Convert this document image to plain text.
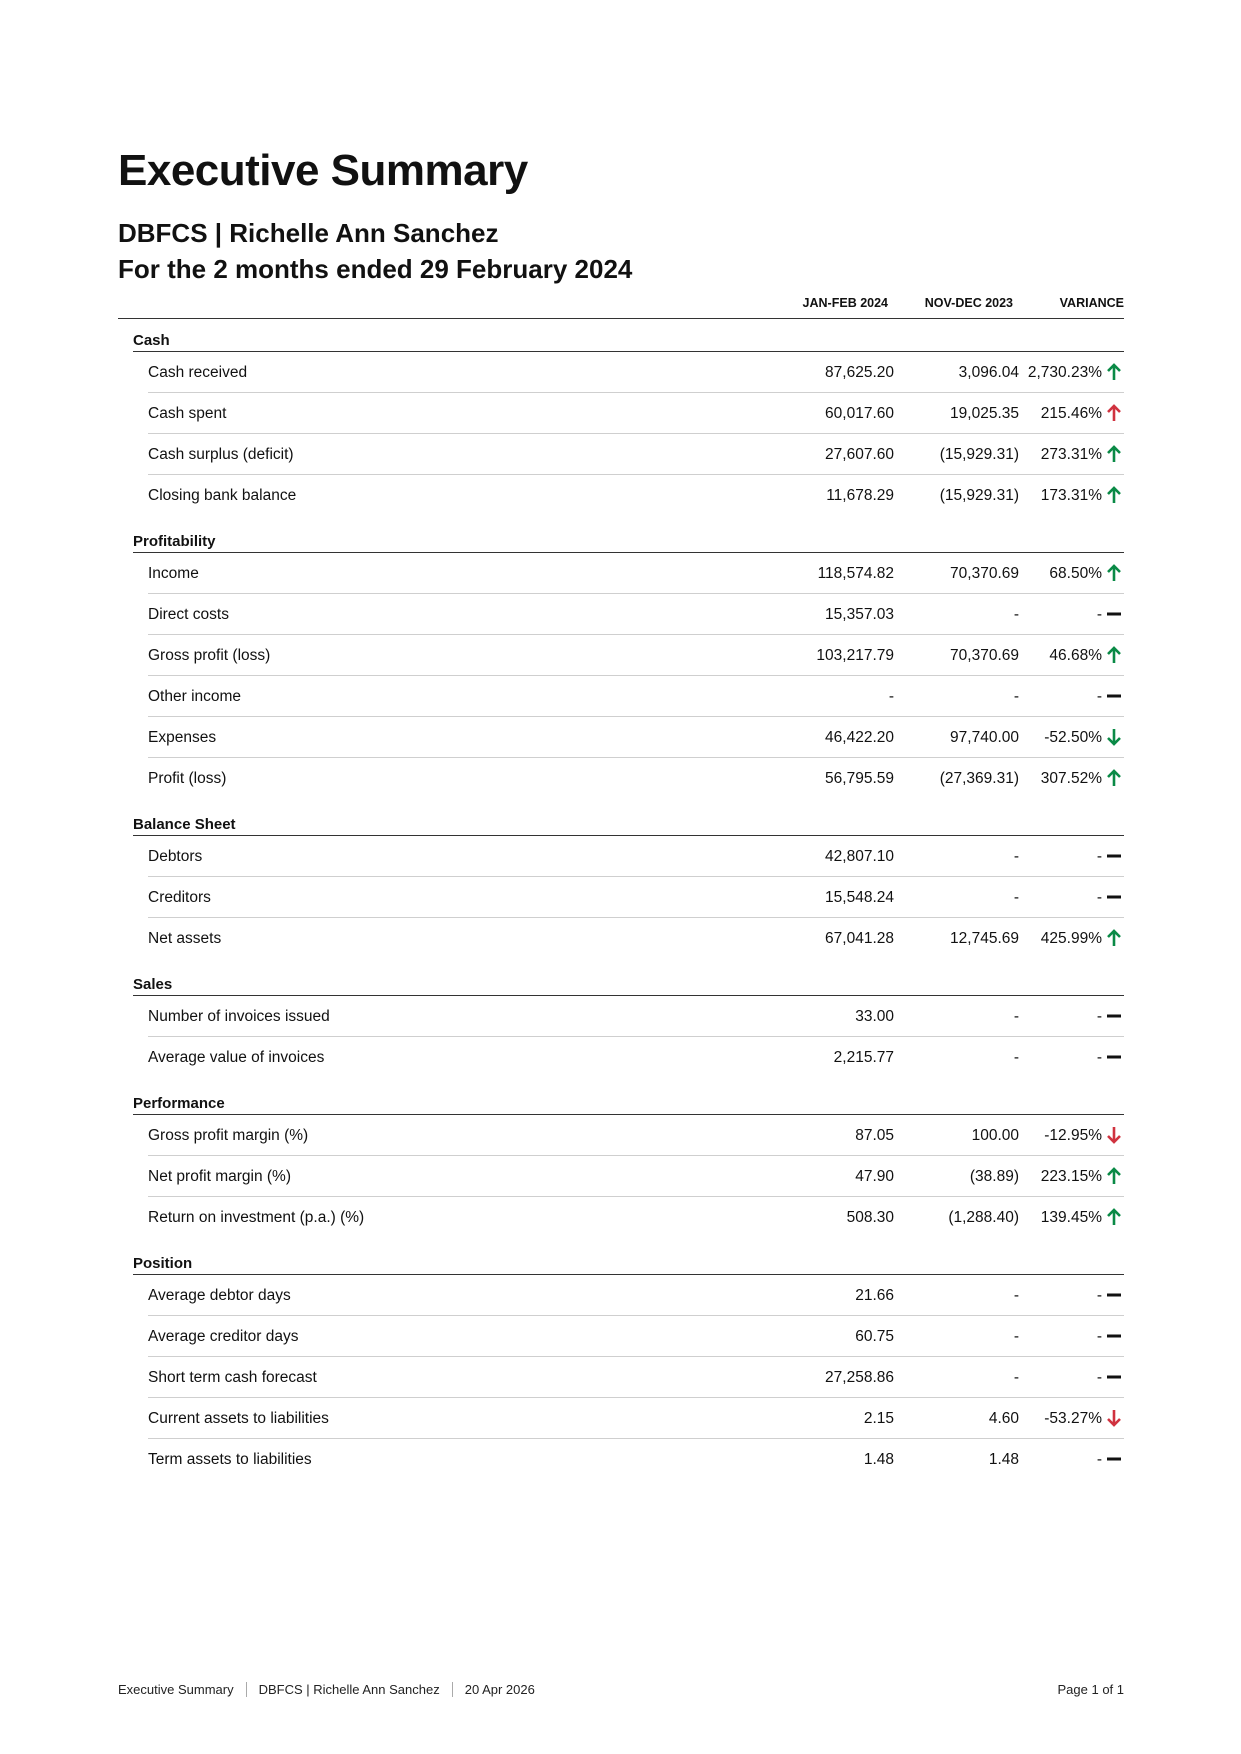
Executive Summary
DBFCS | Richelle Ann Sanchez
For the 2 months ended 29 February 2024
JAN-FEB 2024	NOV-DEC 2023	VARIANCE
Cash
Cash received	87,625.20	3,096.04 2,730.23%
Cash spent	60,017.60	19,025.35 215.46%
Cash surplus (deficit)	27,607.60	(15,929.31) 273.31%
Closing bank balance	11,678.29	(15,929.31) 173.31%
Profitability
Income	118,574.82	70,370.69 68.50%
Direct costs	15,357.03	-	-
Gross profit (loss)	103,217.79	70,370.69 46.68%
Other income	-	-	-
Expenses	46,422.20	97,740.00 -52.50%
Profit (loss)	56,795.59	(27,369.31) 307.52%
Balance Sheet
Debtors	42,807.10	-	-
Creditors	15,548.24	-	-
Net assets	67,041.28	12,745.69 425.99%
Sales
Number of invoices issued	33.00	-	-
Average value of invoices	2,215.77	-	-
Performance
Gross profit margin (%)	87.05	100.00 -12.95%
Net profit margin (%)	47.90	(38.89) 223.15%
Return on investment (p.a.) (%)	508.30	(1,288.40) 139.45%
Position
Average debtor days	21.66	-	-
Average creditor days	60.75	-	-
Short term cash forecast	27,258.86	-	-
Current assets to liabilities	2.15	4.60 -53.27%
Term assets to liabilities	1.48	1.48	-
Executive Summary DBFCS | Richelle Ann Sanchez 20 Apr 2026	Page 1 of 1
